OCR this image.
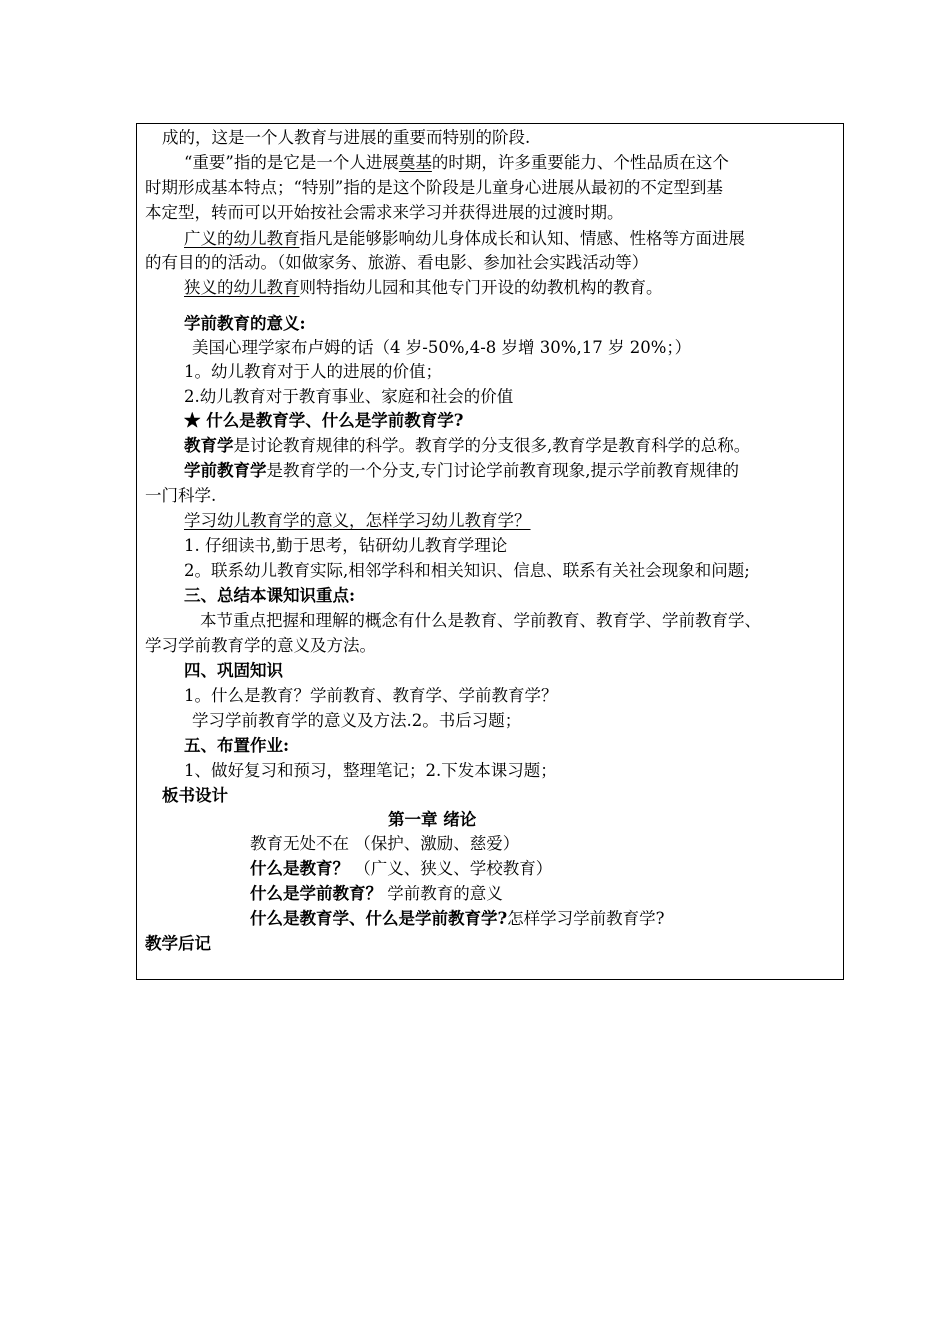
成的，这是一个人教育与进展的重要而特别的阶段.
“重要”指的是它是一个人进展奠基的时期，许多重要能力、个性品质在这个
时期形成基本特点；“特别”指的是这个阶段是儿童身心进展从最初的不定型到基
本定型，转而可以开始按社会需求来学习并获得进展的过渡时期。
广义的幼儿教育指凡是能够影响幼儿身体成长和认知、情感、性格等方面进展
的有目的的活动。（如做家务、旅游、看电影、参加社会实践活动等）
狭义的幼儿教育则特指幼儿园和其他专门开设的幼教机构的教育。
学前教育的意义:
美国心理学家布卢姆的话（4 岁-50%,4-8 岁增 30%,17 岁 20%；）
1。幼儿教育对于人的进展的价值；
2.幼儿教育对于教育事业、家庭和社会的价值
★ 什么是教育学、什么是学前教育学?
教育学是讨论教育规律的科学。教育学的分支很多,教育学是教育科学的总称。
学前教育学是教育学的一个分支,专门讨论学前教育现象,提示学前教育规律的
一门科学.
学习幼儿教育学的意义，怎样学习幼儿教育学？
1. 仔细读书,勤于思考，钻研幼儿教育学理论
2。联系幼儿教育实际,相邻学科和相关知识、信息、联系有关社会现象和问题;
三、总结本课知识重点:
本节重点把握和理解的概念有什么是教育、学前教育、教育学、学前教育学、
学习学前教育学的意义及方法。
四、巩固知识
1。什么是教育？学前教育、教育学、学前教育学？
学习学前教育学的意义及方法.2。书后习题；
五、布置作业:
1、做好复习和预习，整理笔记；2.下发本课习题；
板书设计
第一章 绪论
教育无处不在 （保护、激励、慈爱）
什么是教育？ （广义、狭义、学校教育）
什么是学前教育？ 学前教育的意义
什么是教育学、什么是学前教育学?怎样学习学前教育学?
教学后记
